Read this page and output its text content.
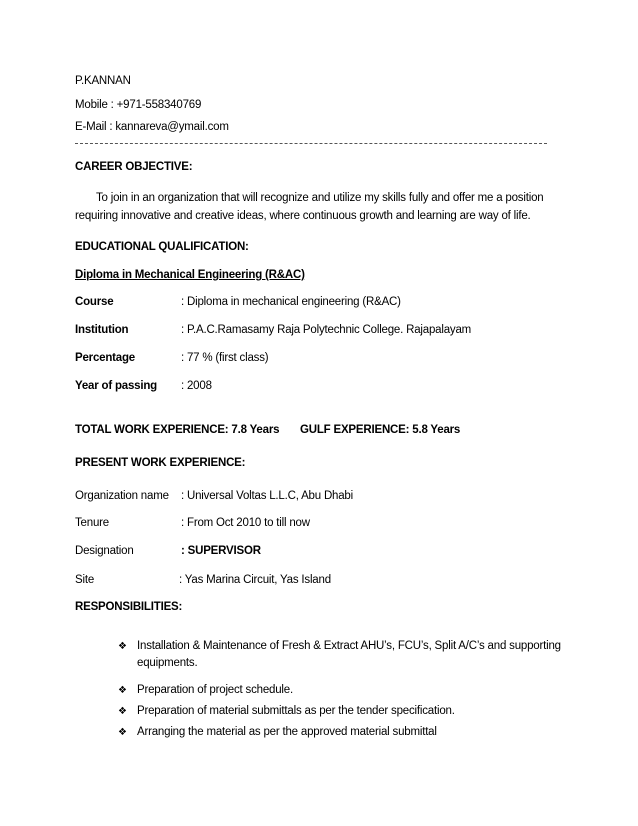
P.KANNAN
Mobile : +971-558340769
E-Mail : kannareva@ymail.com
CAREER OBJECTIVE:
To join in an organization that will recognize and utilize my skills fully and offer me a position
requiring innovative and creative ideas, where continuous growth and learning are way of life.
EDUCATIONAL QUALIFICATION:
Diploma in Mechanical Engineering (R&AC)
Course	: Diploma in mechanical engineering (R&AC)
Institution	: P.A.C.Ramasamy Raja Polytechnic College. Rajapalayam
Percentage	: 77 % (first class)
Year of passing : 2008
TOTAL WORK EXPERIENCE: 7.8 Years GULF EXPERIENCE: 5.8 Years
PRESENT WORK EXPERIENCE:
Organization name : Universal Voltas L.L.C, Abu Dhabi
Tenure	: From Oct 2010 to till now
Designation	: SUPERVISOR
Site	: Yas Marina Circuit, Yas Island
RESPONSIBILITIES:
❖ Installation & Maintenance of Fresh & Extract AHU’s, FCU’s, Split A/C’s and supporting equipments.
❖ Preparation of project schedule.
❖ Preparation of material submittals as per the tender specification.
❖ Arranging the material as per the approved material submittal
